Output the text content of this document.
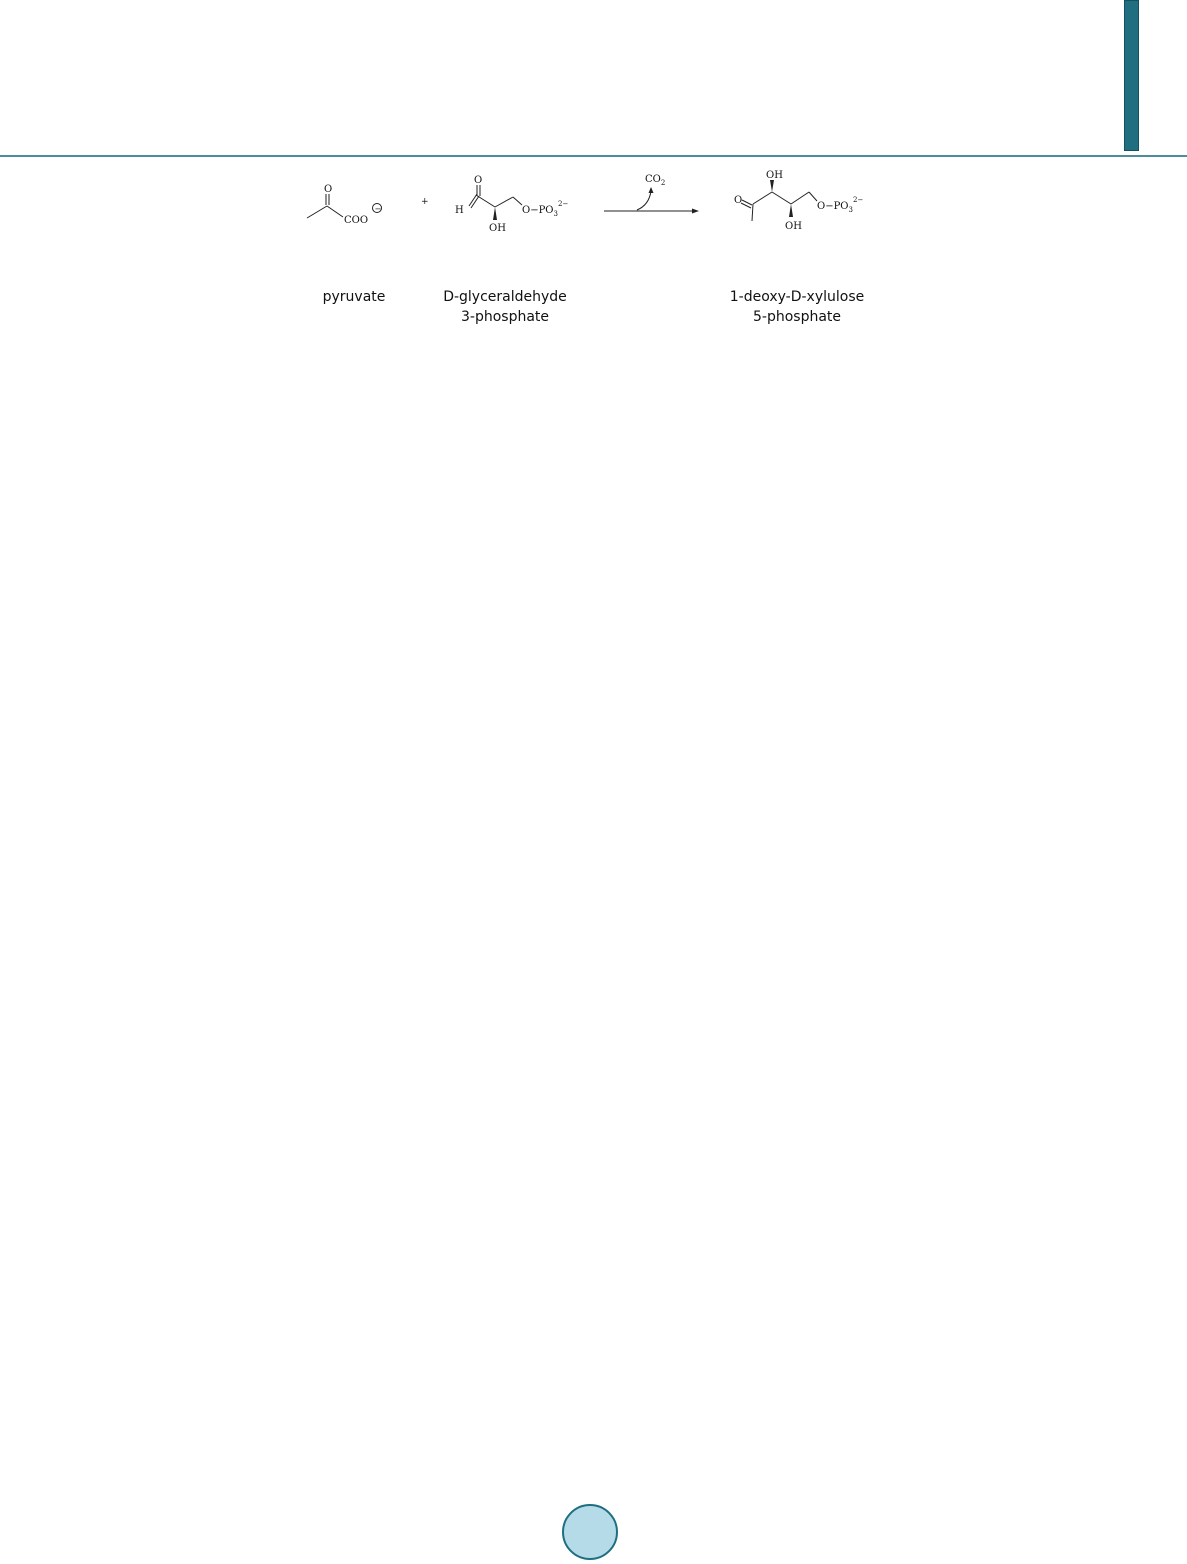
O
COO
−
+
O
H
OH
$O-PO_3^{2-}$
$CO_2$
O
OH
OH
$O-PO_3^{2-}$
pyruvate	D-glyceraldehyde
3-phosphate
1-deoxy-D-xylulose
5-phosphate
